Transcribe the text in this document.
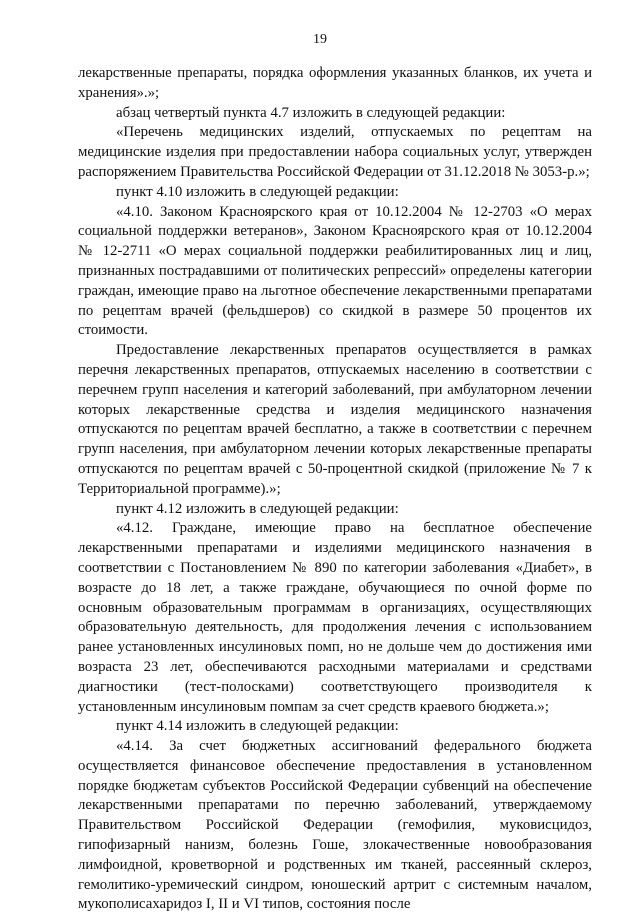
19

лекарственные препараты, порядка оформления указанных бланков, их учета и хранения».»;

абзац четвертый пункта 4.7 изложить в следующей редакции:

«Перечень медицинских изделий, отпускаемых по рецептам на медицинские изделия при предоставлении набора социальных услуг, утвержден распоряжением Правительства Российской Федерации от 31.12.2018 № 3053-р.»;

пункт 4.10 изложить в следующей редакции:

«4.10. Законом Красноярского края от 10.12.2004 № 12-2703 «О мерах социальной поддержки ветеранов», Законом Красноярского края от 10.12.2004 № 12-2711 «О мерах социальной поддержки реабилитированных лиц и лиц, признанных пострадавшими от политических репрессий» определены категории граждан, имеющие право на льготное обеспечение лекарственными препаратами по рецептам врачей (фельдшеров) со скидкой в размере 50 процентов их стоимости.

Предоставление лекарственных препаратов осуществляется в рамках перечня лекарственных препаратов, отпускаемых населению в соответствии с перечнем групп населения и категорий заболеваний, при амбулаторном лечении которых лекарственные средства и изделия медицинского назначения отпускаются по рецептам врачей бесплатно, а также в соответствии с перечнем групп населения, при амбулаторном лечении которых лекарственные препараты отпускаются по рецептам врачей с 50-процентной скидкой (приложение № 7 к Территориальной программе).»;

пункт 4.12 изложить в следующей редакции:

«4.12. Граждане, имеющие право на бесплатное обеспечение лекарственными препаратами и изделиями медицинского назначения в соответствии с Постановлением № 890 по категории заболевания «Диабет», в возрасте до 18 лет, а также граждане, обучающиеся по очной форме по основным образовательным программам в организациях, осуществляющих образовательную деятельность, для продолжения лечения с использованием ранее установленных инсулиновых помп, но не дольше чем до достижения ими возраста 23 лет, обеспечиваются расходными материалами и средствами диагностики (тест-полосками) соответствующего производителя к установленным инсулиновым помпам за счет средств краевого бюджета.»;

пункт 4.14 изложить в следующей редакции:

«4.14. За счет бюджетных ассигнований федерального бюджета осуществляется финансовое обеспечение предоставления в установленном порядке бюджетам субъектов Российской Федерации субвенций на обеспечение лекарственными препаратами по перечню заболеваний, утверждаемому Правительством Российской Федерации (гемофилия, муковисцидоз, гипофизарный нанизм, болезнь Гоше, злокачественные новообразования лимфоидной, кроветворной и родственных им тканей, рассеянный склероз, гемолитико-уремический синдром, юношеский артрит с системным началом, мукополисахаридоз I, II и VI типов, состояния после
